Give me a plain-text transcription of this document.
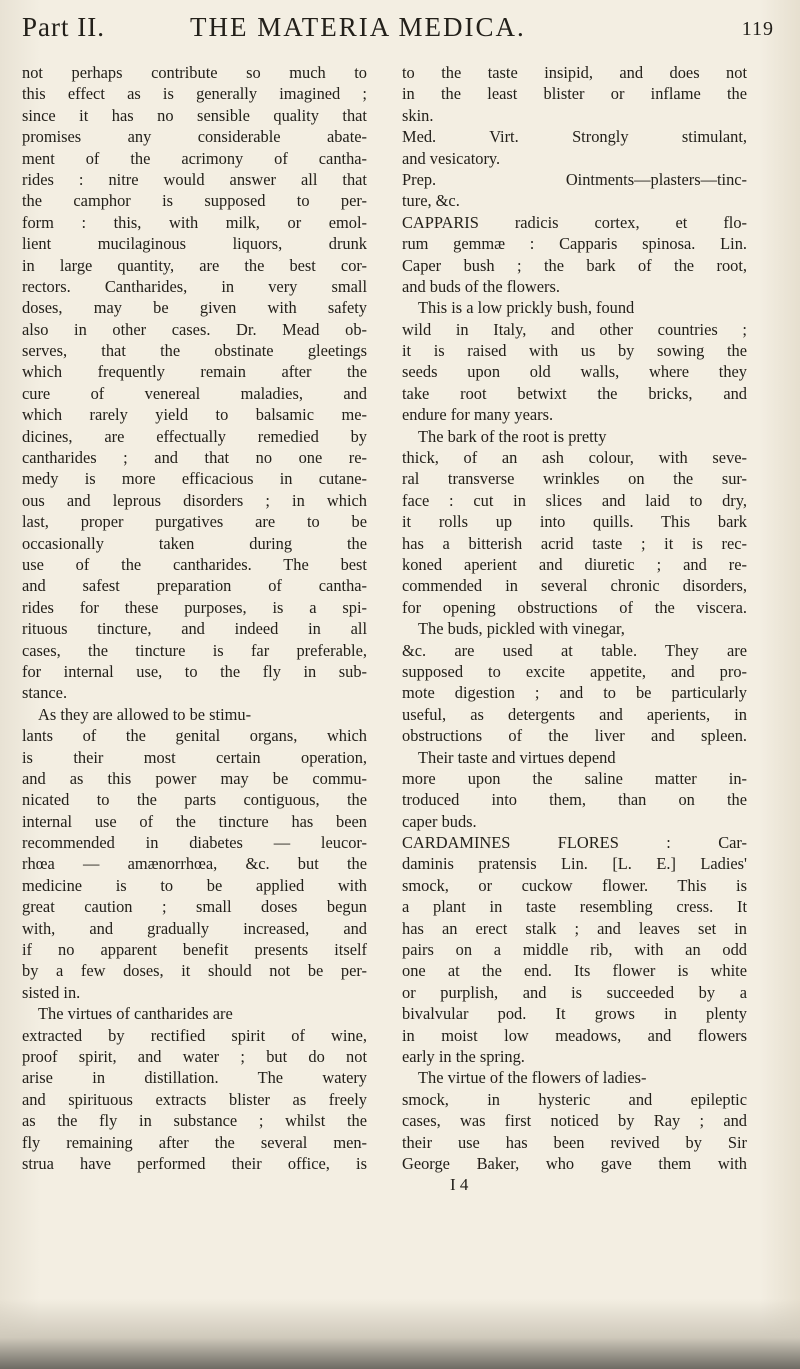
Part II.	THE MATERIA MEDICA.	119
not perhaps contribute so much to
this effect as is generally imagined ;
since it has no sensible quality that
promises any considerable abate-
ment of the acrimony of cantha-
rides : nitre would answer all that
the camphor is supposed to per-
form : this, with milk, or emol-
lient mucilaginous liquors, drunk
in large quantity, are the best cor-
rectors. Cantharides, in very small
doses, may be given with safety
also in other cases. Dr. Mead ob-
serves, that the obstinate gleetings
which frequently remain after the
cure of venereal maladies, and
which rarely yield to balsamic me-
dicines, are effectually remedied by
cantharides ; and that no one re-
medy is more efficacious in cutane-
ous and leprous disorders ; in which
last, proper purgatives are to be
occasionally taken during the
use of the cantharides. The best
and safest preparation of cantha-
rides for these purposes, is a spi-
rituous tincture, and indeed in all
cases, the tincture is far preferable,
for internal use, to the fly in sub-
stance.
As they are allowed to be stimu-
lants of the genital organs, which
is their most certain operation,
and as this power may be commu-
nicated to the parts contiguous, the
internal use of the tincture has been
recommended in diabetes — leucor-
rhœa — amænorrhœa, &c. but the
medicine is to be applied with
great caution ; small doses begun
with, and gradually increased, and
if no apparent benefit presents itself
by a few doses, it should not be per-
sisted in.
The virtues of cantharides are
extracted by rectified spirit of wine,
proof spirit, and water ; but do not
arise in distillation. The watery
and spirituous extracts blister as freely
as the fly in substance ; whilst the
fly remaining after the several men-
strua have performed their office, is
to the taste insipid, and does not
in the least blister or inflame the
skin.
Med. Virt. Strongly stimulant,
and vesicatory.
Prep. Ointments—plasters—tinc-
ture, &c.
CAPPARIS radicis cortex, et flo-
rum gemmæ : Capparis spinosa. Lin.
Caper bush ; the bark of the root,
and buds of the flowers.
This is a low prickly bush, found
wild in Italy, and other countries ;
it is raised with us by sowing the
seeds upon old walls, where they
take root betwixt the bricks, and
endure for many years.
The bark of the root is pretty
thick, of an ash colour, with seve-
ral transverse wrinkles on the sur-
face : cut in slices and laid to dry,
it rolls up into quills. This bark
has a bitterish acrid taste ; it is rec-
koned aperient and diuretic ; and re-
commended in several chronic disorders,
for opening obstructions of the viscera.
The buds, pickled with vinegar,
&c. are used at table. They are
supposed to excite appetite, and pro-
mote digestion ; and to be particularly
useful, as detergents and aperients, in
obstructions of the liver and spleen.
Their taste and virtues depend
more upon the saline matter in-
troduced into them, than on the
caper buds.
CARDAMINES FLORES : Car-
daminis pratensis Lin. [L. E.] Ladies'
smock, or cuckow flower. This is
a plant in taste resembling cress. It
has an erect stalk ; and leaves set in
pairs on a middle rib, with an odd
one at the end. Its flower is white
or purplish, and is succeeded by a
bivalvular pod. It grows in plenty
in moist low meadows, and flowers
early in the spring.
The virtue of the flowers of ladies-
smock, in hysteric and epileptic
cases, was first noticed by Ray ; and
their use has been revived by Sir
George Baker, who gave them with
I 4
